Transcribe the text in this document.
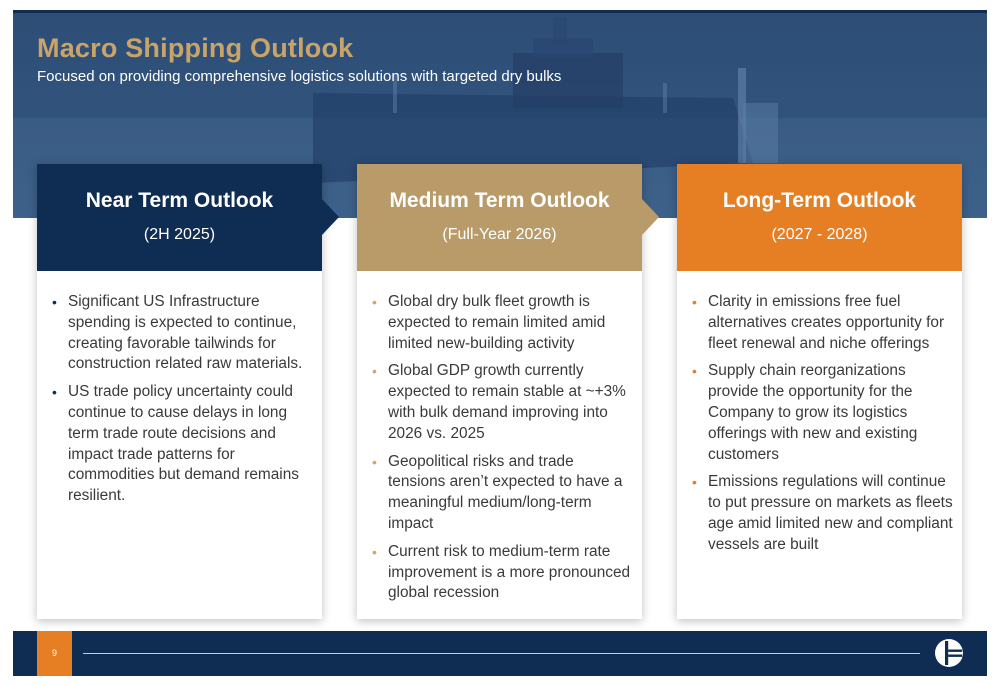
Macro Shipping Outlook

Focused on providing comprehensive logistics solutions with targeted dry bulks

Near Term Outlook
(2H 2025)
• Significant US Infrastructure spending is expected to continue, creating favorable tailwinds for construction related raw materials.
• US trade policy uncertainty could continue to cause delays in long term trade route decisions and impact trade patterns for commodities but demand remains resilient.
Medium Term Outlook
(Full-Year 2026)
• Global dry bulk fleet growth is expected to remain limited amid limited new-building activity
• Global GDP growth currently expected to remain stable at ~+3% with bulk demand improving into 2026 vs. 2025
• Geopolitical risks and trade tensions aren’t expected to have a meaningful medium/long-term impact
• Current risk to medium-term rate improvement is a more pronounced global recession
Long-Term Outlook
(2027 - 2028)
• Clarity in emissions free fuel alternatives creates opportunity for fleet renewal and niche offerings
• Supply chain reorganizations provide the opportunity for the Company to grow its logistics offerings with new and existing customers
• Emissions regulations will continue to put pressure on markets as fleets age amid limited new and compliant vessels are built
9
